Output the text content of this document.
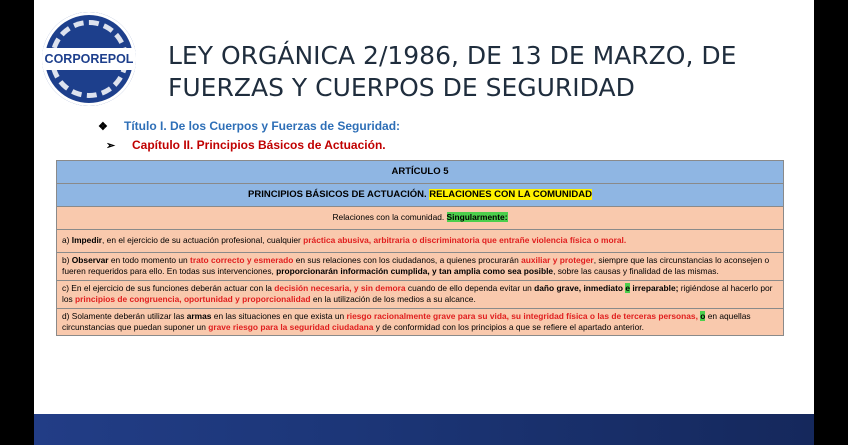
CORPOREPOL LEY ORGÁNICA 2/1986, DE 13 DE MARZO, DE FUERZAS Y CUERPOS DE SEGURIDAD
❖	Título I. De los Cuerpos y Fuerzas de Seguridad:
➢	Capítulo II. Principios Básicos de Actuación.
ARTÍCULO 5
PRINCIPIOS BÁSICOS DE ACTUACIÓN. RELACIONES CON LA COMUNIDAD
Relaciones con la comunidad. Singularmente:
a) Impedir, en el ejercicio de su actuación profesional, cualquier práctica abusiva, arbitraria o discriminatoria que entrañe violencia física o moral.
b) Observar en todo momento un trato correcto y esmerado en sus relaciones con los ciudadanos, a quienes procurarán auxiliar y proteger, siempre que las circunstancias lo aconsejen o fueren requeridos para ello. En todas sus intervenciones, proporcionarán información cumplida, y tan amplia como sea posible, sobre las causas y finalidad de las mismas.
c) En el ejercicio de sus funciones deberán actuar con la decisión necesaria, y sin demora cuando de ello dependa evitar un daño grave, inmediato e irreparable; rigiéndose al hacerlo por los principios de congruencia, oportunidad y proporcionalidad en la utilización de los medios a su alcance.
d) Solamente deberán utilizar las armas en las situaciones en que exista un riesgo racionalmente grave para su vida, su integridad física o las de terceras personas, o en aquellas circunstancias que puedan suponer un grave riesgo para la seguridad ciudadana y de conformidad con los principios a que se refiere el apartado anterior.
